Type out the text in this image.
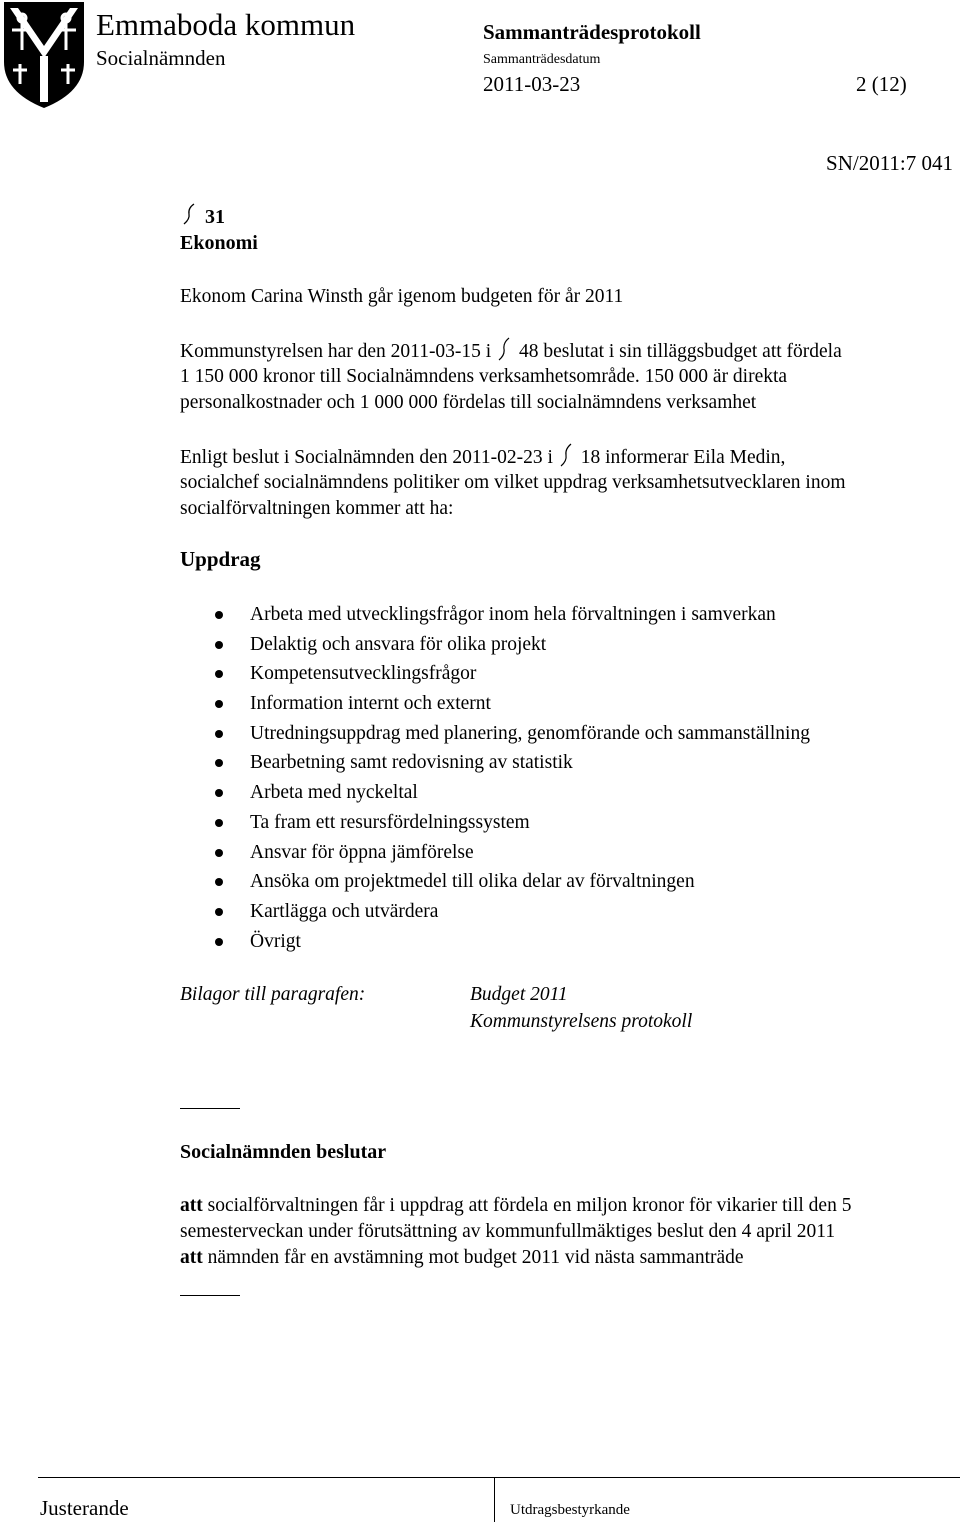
Emmaboda kommun
Socialnämnden
Sammanträdesprotokoll
Sammanträdesdatum
2011-03-23	2 (12)
SN/2011:7 041
31
Ekonomi
Ekonom Carina Winsth går igenom budgeten för år 2011
Kommunstyrelsen har den 2011-03-15 i 48 beslutat i sin tilläggsbudget att fördela
1 150 000 kronor till Socialnämndens verksamhetsområde. 150 000 är direkta
personalkostnader och 1 000 000 fördelas till socialnämndens verksamhet
Enligt beslut i Socialnämnden den 2011-02-23 i 18 informerar Eila Medin,
socialchef socialnämndens politiker om vilket uppdrag verksamhetsutvecklaren inom
socialförvaltningen kommer att ha:
Uppdrag
Arbeta med utvecklingsfrågor inom hela förvaltningen i samverkan
Delaktig och ansvara för olika projekt
Kompetensutvecklingsfrågor
Information internt och externt
Utredningsuppdrag med planering, genomförande och sammanställning
Bearbetning samt redovisning av statistik
Arbeta med nyckeltal
Ta fram ett resursfördelningssystem
Ansvar för öppna jämförelse
Ansöka om projektmedel till olika delar av förvaltningen
Kartlägga och utvärdera
Övrigt
Bilagor till paragrafen:	Budget 2011
Kommunstyrelsens protokoll
Socialnämnden beslutar
att socialförvaltningen får i uppdrag att fördela en miljon kronor för vikarier till den 5
semesterveckan under förutsättning av kommunfullmäktiges beslut den 4 april 2011
att nämnden får en avstämning mot budget 2011 vid nästa sammanträde
Justerande	Utdragsbestyrkande
